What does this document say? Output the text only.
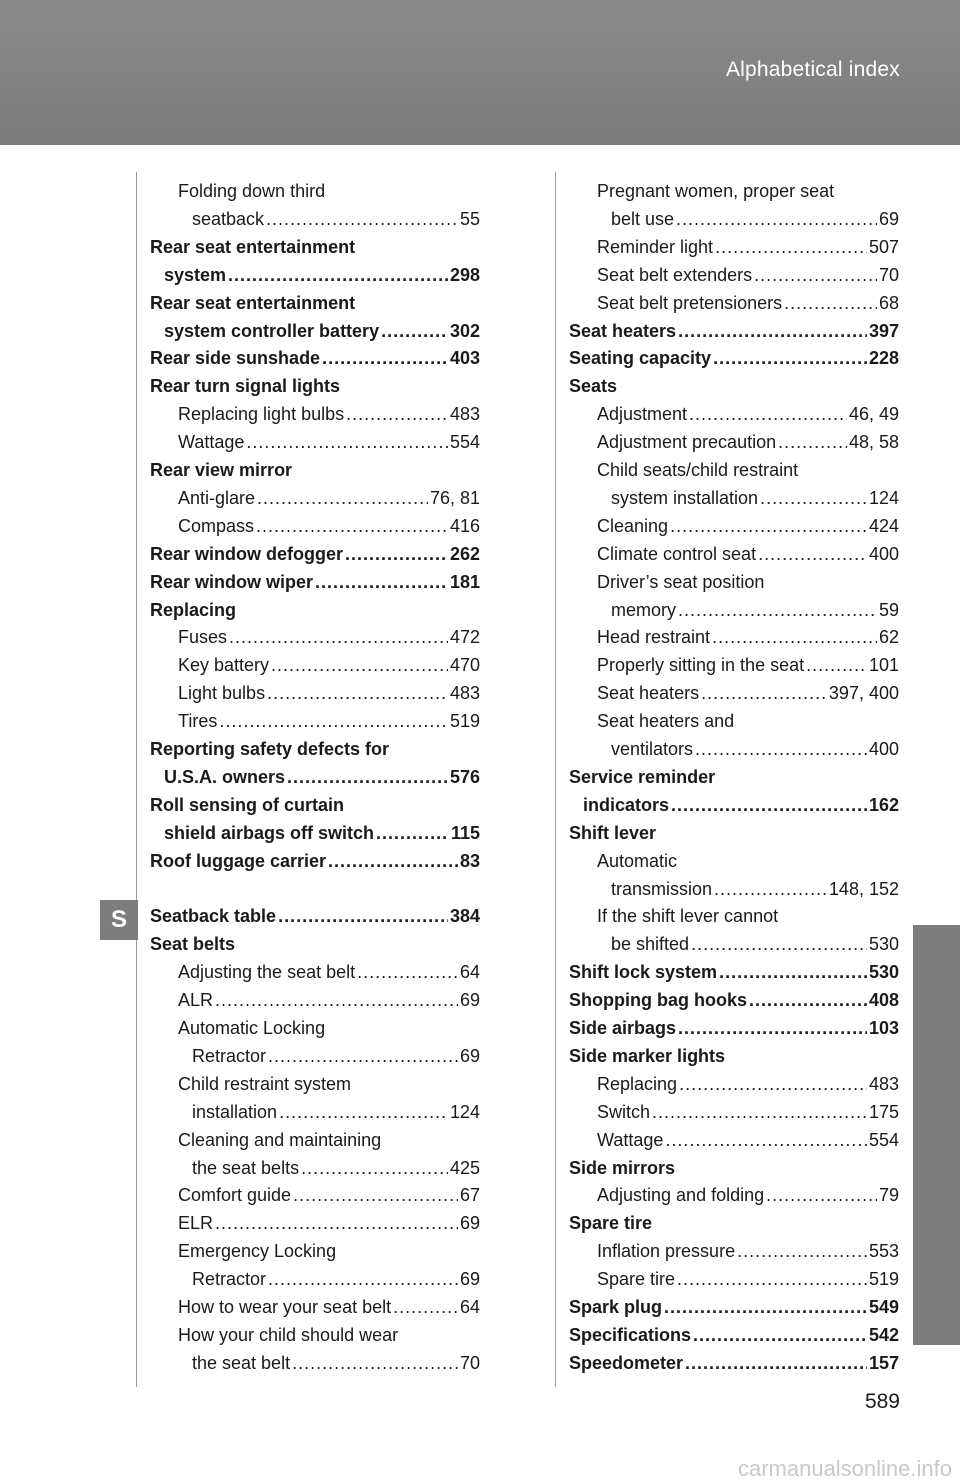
Alphabetical index
S
Folding down third
seatback . . .	55
Rear seat entertainment
system . . .	298
Rear seat entertainment
system controller battery . . .	302
Rear side sunshade . . .	403
Rear turn signal lights
Replacing light bulbs . . .	483
Wattage . . .	554
Rear view mirror
Anti-glare . . .	76, 81
Compass . . .	416
Rear window defogger . . .	262
Rear window wiper . . .	181
Replacing
Fuses . . .	472
Key battery . . .	470
Light bulbs . . .	483
Tires . . .	519
Reporting safety defects for
U.S.A. owners . . .	576
Roll sensing of curtain
shield airbags off switch . . .	115
Roof luggage carrier . . .	83
Seatback table . . .	384
Seat belts
Adjusting the seat belt . . .	64
ALR . . .	69
Automatic Locking
Retractor . . .	69
Child restraint system
installation . . .	124
Cleaning and maintaining
the seat belts . . .	425
Comfort guide . . .	67
ELR . . .	69
Emergency Locking
Retractor . . .	69
How to wear your seat belt . . .	64
How your child should wear
the seat belt . . .	70
Pregnant women, proper seat
belt use . . .	69
Reminder light . . .	507
Seat belt extenders . . .	70
Seat belt pretensioners . . .	68
Seat heaters . . .	397
Seating capacity . . .	228
Seats
Adjustment . . .	46, 49
Adjustment precaution . . .	48, 58
Child seats/child restraint
system installation . . .	124
Cleaning . . .	424
Climate control seat . . .	400
Driver’s seat position
memory . . .	59
Head restraint . . .	62
Properly sitting in the seat . . .	101
Seat heaters . . .	397, 400
Seat heaters and
ventilators . . .	400
Service reminder
indicators . . .	162
Shift lever
Automatic
transmission . . .	148, 152
If the shift lever cannot
be shifted . . .	530
Shift lock system . . .	530
Shopping bag hooks . . .	408
Side airbags . . .	103
Side marker lights
Replacing . . .	483
Switch . . .	175
Wattage . . .	554
Side mirrors
Adjusting and folding . . .	79
Spare tire
Inflation pressure . . .	553
Spare tire . . .	519
Spark plug . . .	549
Specifications . . .	542
Speedometer . . .	157
589
carmanualsonline.info
